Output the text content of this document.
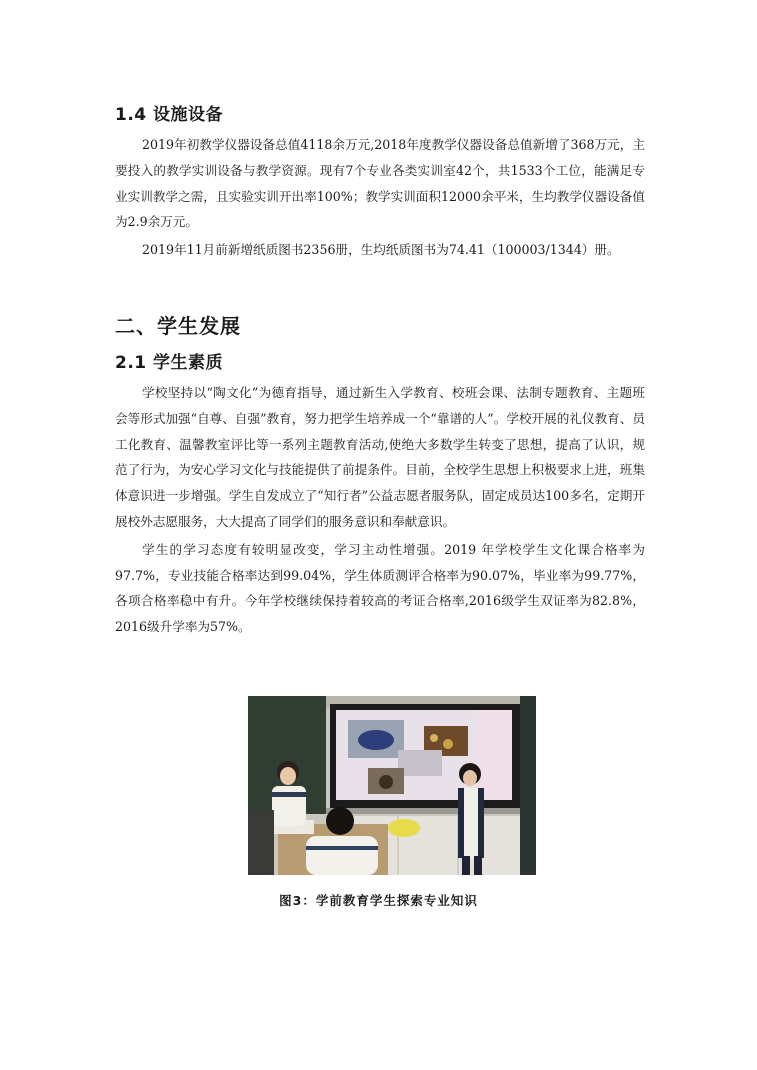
1.4 设施设备

2019年初教学仪器设备总值4118余万元,2018年度教学仪器设备总值新增了368万元，主要投入的教学实训设备与教学资源。现有7个专业各类实训室42个，共1533个工位，能满足专业实训教学之需，且实验实训开出率100%；教学实训面积12000余平米，生均教学仪器设备值为2.9余万元。

2019年11月前新增纸质图书2356册，生均纸质图书为74.41（100003/1344）册。

二、学生发展
2.1 学生素质

学校坚持以“陶文化”为德育指导，通过新生入学教育、校班会课、法制专题教育、主题班会等形式加强“自尊、自强”教育，努力把学生培养成一个“靠谱的人”。学校开展的礼仪教育、员工化教育、温馨教室评比等一系列主题教育活动,使绝大多数学生转变了思想，提高了认识，规范了行为，为安心学习文化与技能提供了前提条件。目前，全校学生思想上积极要求上进，班集体意识进一步增强。学生自发成立了“知行者”公益志愿者服务队，固定成员达100多名，定期开展校外志愿服务，大大提高了同学们的服务意识和奉献意识。

学生的学习态度有较明显改变，学习主动性增强。2019 年学校学生文化课合格率为97.7%，专业技能合格率达到99.04%，学生体质测评合格率为90.07%，毕业率为99.77%，各项合格率稳中有升。今年学校继续保持着较高的考证合格率,2016级学生双证率为82.8%，2016级升学率为57%。

图3：学前教育学生探索专业知识
